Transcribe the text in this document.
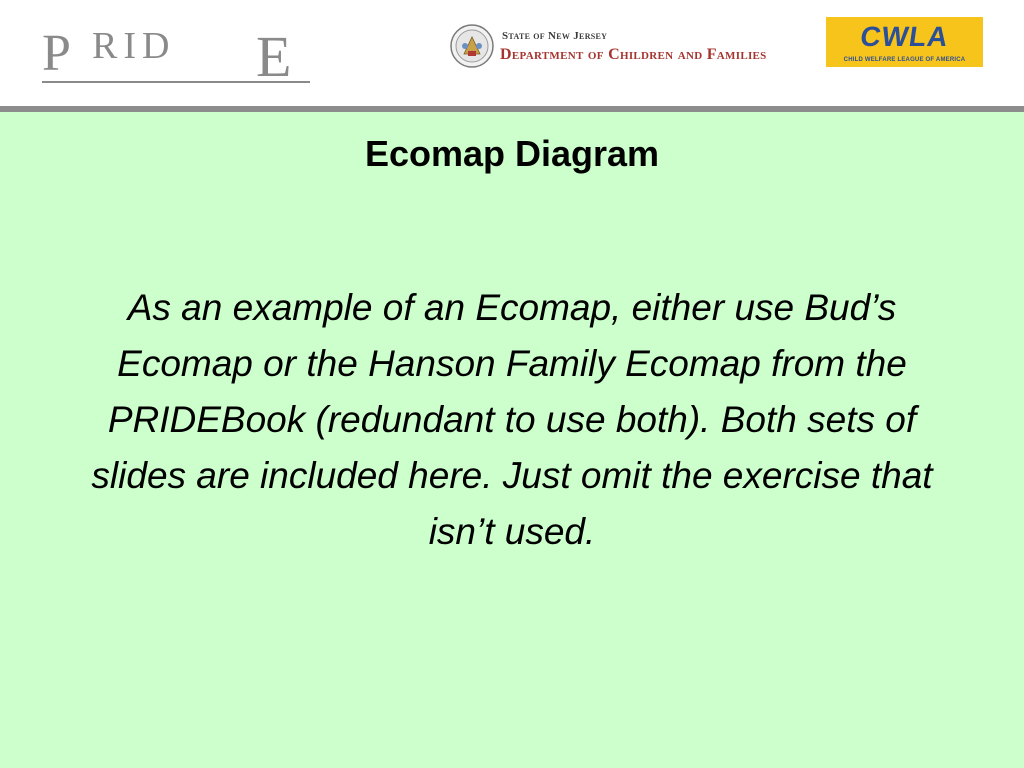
P RID E	State of New Jersey
Department of Children and Families
CWLA
CHILD WELFARE LEAGUE OF AMERICA
Ecomap Diagram
As an example of an Ecomap, either use Bud’s Ecomap or the Hanson Family Ecomap from the PRIDEBook (redundant to use both). Both sets of slides are included here. Just omit the exercise that isn’t used.
